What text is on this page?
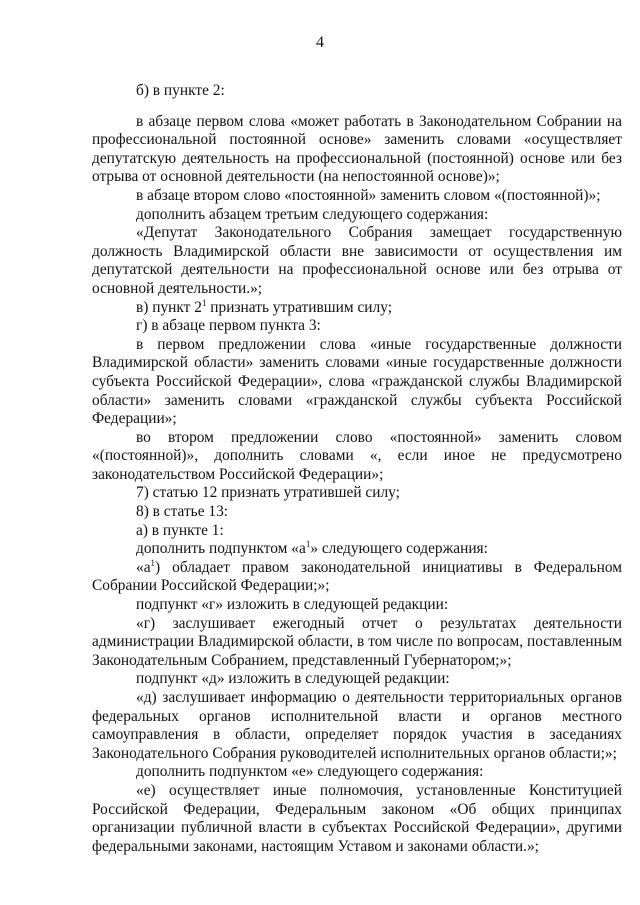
4

б) в пункте 2:

в абзаце первом слова «может работать в Законодательном Собрании на профессиональной постоянной основе» заменить словами «осуществляет депутатскую деятельность на профессиональной (постоянной) основе или без отрыва от основной деятельности (на непостоянной основе)»;

в абзаце втором слово «постоянной» заменить словом «(постоянной)»;

дополнить абзацем третьим следующего содержания:

«Депутат Законодательного Собрания замещает государственную должность Владимирской области вне зависимости от осуществления им депутатской деятельности на профессиональной основе или без отрыва от основной деятельности.»;

в) пункт $2^1$ признать утратившим силу;

г) в абзаце первом пункта 3:

в первом предложении слова «иные государственные должности Владимирской области» заменить словами «иные государственные должности субъекта Российской Федерации», слова «гражданской службы Владимирской области» заменить словами «гражданской службы субъекта Российской Федерации»;

во втором предложении слово «постоянной» заменить словом «(постоянной)», дополнить словами «, если иное не предусмотрено законодательством Российской Федерации»;

7) статью 12 признать утратившей силу;

8) в статье 13:

а) в пункте 1:

дополнить подпунктом «$а^1$» следующего содержания:

«$а^1$) обладает правом законодательной инициативы в Федеральном Собрании Российской Федерации;»;

подпункт «г» изложить в следующей редакции:

«г) заслушивает ежегодный отчет о результатах деятельности администрации Владимирской области, в том числе по вопросам, поставленным Законодательным Собранием, представленный Губернатором;»;

подпункт «д» изложить в следующей редакции:

«д) заслушивает информацию о деятельности территориальных органов федеральных органов исполнительной власти и органов местного самоуправления в области, определяет порядок участия в заседаниях Законодательного Собрания руководителей исполнительных органов области;»;

дополнить подпунктом «е» следующего содержания:

«е) осуществляет иные полномочия, установленные Конституцией Российской Федерации, Федеральным законом «Об общих принципах организации публичной власти в субъектах Российской Федерации», другими федеральными законами, настоящим Уставом и законами области.»;
